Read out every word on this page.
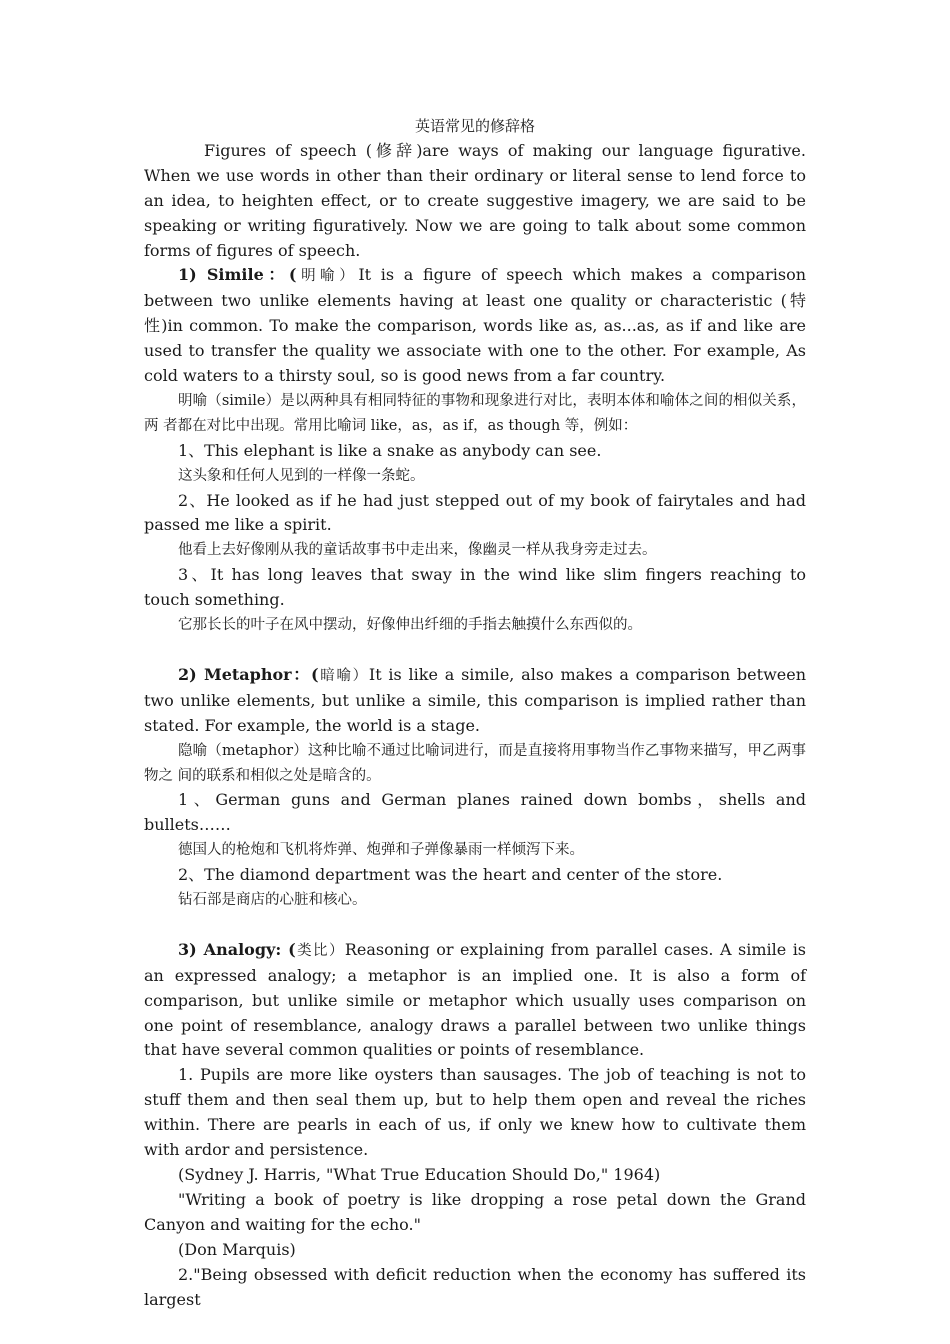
英语常见的修辞格

Figures of speech (修辞)are ways of making our language figurative. When we use words in other than their ordinary or literal sense to lend force to an idea, to heighten effect, or to create suggestive imagery, we are said to be speaking or writing figuratively. Now we are going to talk about some common forms of figures of speech.

1) Simile：(明喻）It is a figure of speech which makes a comparison between two unlike elements having at least one quality or characteristic (特性)in common. To make the comparison, words like as, as...as, as if and like are used to transfer the quality we associate with one to the other. For example, As cold waters to a thirsty soul, so is good news from a far country.

明喻（simile）是以两种具有相同特征的事物和现象进行对比，表明本体和喻体之间的相似关系，两 者都在对比中出现。常用比喻词 like，as，as if，as though 等，例如：

1、This elephant is like a snake as anybody can see.

这头象和任何人见到的一样像一条蛇。

2、He looked as if he had just stepped out of my book of fairytales and had passed me like a spirit.

他看上去好像刚从我的童话故事书中走出来，像幽灵一样从我身旁走过去。

3、It has long leaves that sway in the wind like slim fingers reaching to touch something.

它那长长的叶子在风中摆动，好像伸出纤细的手指去触摸什么东西似的。

2) Metaphor：(暗喻）It is like a simile, also makes a comparison between two unlike elements, but unlike a simile, this comparison is implied rather than stated. For example, the world is a stage.

隐喻（metaphor）这种比喻不通过比喻词进行，而是直接将用事物当作乙事物来描写，甲乙两事物之 间的联系和相似之处是暗含的。

1、German guns and German planes rained down bombs，shells and bullets……

德国人的枪炮和飞机将炸弹、炮弹和子弹像暴雨一样倾泻下来。

2、The diamond department was the heart and center of the store.

钻石部是商店的心脏和核心。

3) Analogy: (类比）Reasoning or explaining from parallel cases. A simile is an expressed analogy; a metaphor is an implied one. It is also a form of comparison, but unlike simile or metaphor which usually uses comparison on one point of resemblance, analogy draws a parallel between two unlike things that have several common qualities or points of resemblance.

1. Pupils are more like oysters than sausages. The job of teaching is not to stuff them and then seal them up, but to help them open and reveal the riches within. There are pearls in each of us, if only we knew how to cultivate them with ardor and persistence.

(Sydney J. Harris, "What True Education Should Do," 1964)

"Writing a book of poetry is like dropping a rose petal down the Grand Canyon and waiting for the echo."

(Don Marquis)

2."Being obsessed with deficit reduction when the economy has suffered its largest
